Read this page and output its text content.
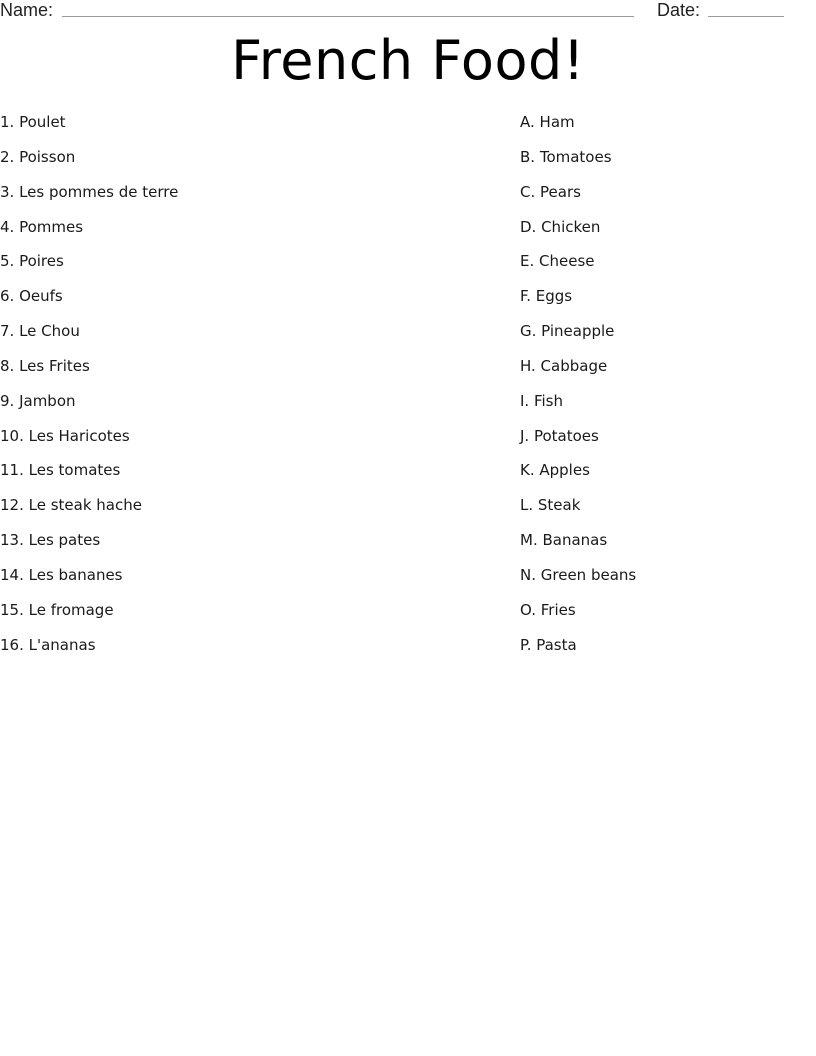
Name:	Date:
French Food!
1. Poulet
2. Poisson
3. Les pommes de terre
4. Pommes
5. Poires
6. Oeufs
7. Le Chou
8. Les Frites
9. Jambon
10. Les Haricotes
11. Les tomates
12. Le steak hache
13. Les pates
14. Les bananes
15. Le fromage
16. L'ananas
A. Ham
B. Tomatoes
C. Pears
D. Chicken
E. Cheese
F. Eggs
G. Pineapple
H. Cabbage
I. Fish
J. Potatoes
K. Apples
L. Steak
M. Bananas
N. Green beans
O. Fries
P. Pasta
